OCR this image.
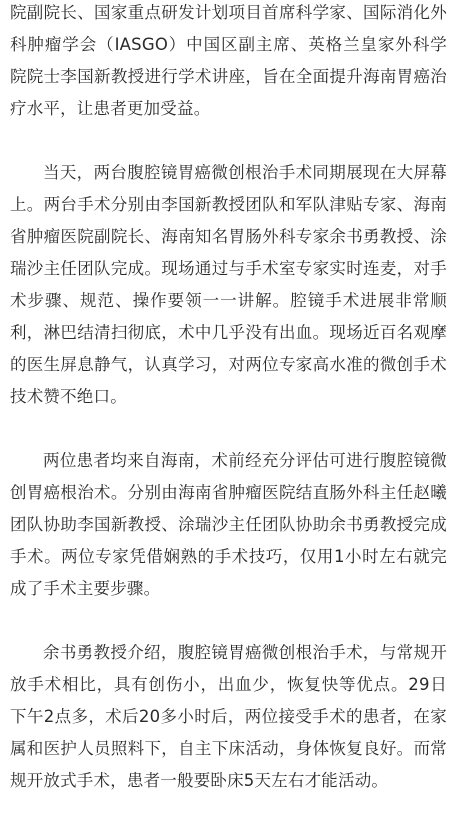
院副院长、国家重点研发计划项目首席科学家、国际消化外科肿瘤学会（IASGO）中国区副主席、英格兰皇家外科学院院士李国新教授进行学术讲座，旨在全面提升海南胃癌治疗水平，让患者更加受益。

当天，两台腹腔镜胃癌微创根治手术同期展现在大屏幕上。两台手术分别由李国新教授团队和军队津贴专家、海南省肿瘤医院副院长、海南知名胃肠外科专家余书勇教授、涂瑞沙主任团队完成。现场通过与手术室专家实时连麦，对手术步骤、规范、操作要领一一讲解。腔镜手术进展非常顺利，淋巴结清扫彻底，术中几乎没有出血。现场近百名观摩的医生屏息静气，认真学习，对两位专家高水准的微创手术技术赞不绝口。

两位患者均来自海南，术前经充分评估可进行腹腔镜微创胃癌根治术。分别由海南省肿瘤医院结直肠外科主任赵曦团队协助李国新教授、涂瑞沙主任团队协助余书勇教授完成手术。两位专家凭借娴熟的手术技巧，仅用1小时左右就完成了手术主要步骤。

余书勇教授介绍，腹腔镜胃癌微创根治手术，与常规开放手术相比，具有创伤小，出血少，恢复快等优点。29日下午2点多，术后20多小时后，两位接受手术的患者，在家属和医护人员照料下，自主下床活动，身体恢复良好。而常规开放式手术，患者一般要卧床5天左右才能活动。
